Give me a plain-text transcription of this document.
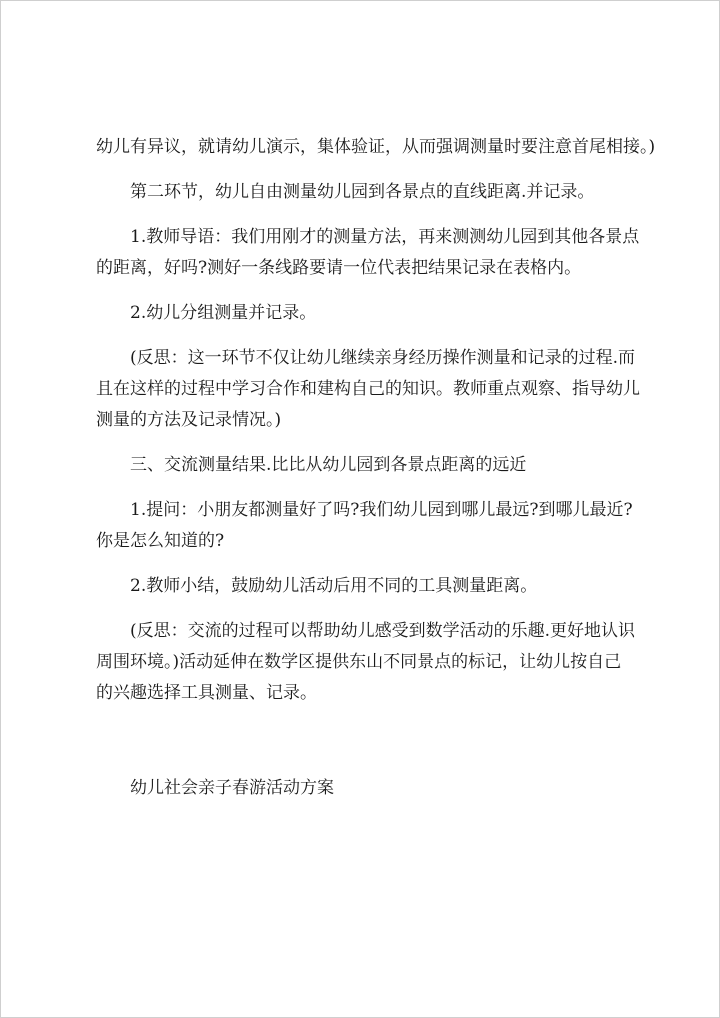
幼儿有异议，就请幼儿演示，集体验证，从而强调测量时要注意首尾相接。)

第二环节，幼儿自由测量幼儿园到各景点的直线距离.并记录。

1.教师导语：我们用刚才的测量方法，再来测测幼儿园到其他各景点
的距离，好吗?测好一条线路要请一位代表把结果记录在表格内。

2.幼儿分组测量并记录。

(反思：这一环节不仅让幼儿继续亲身经历操作测量和记录的过程.而
且在这样的过程中学习合作和建构自己的知识。教师重点观察、指导幼儿
测量的方法及记录情况。)

三、交流测量结果.比比从幼儿园到各景点距离的远近

1.提问：小朋友都测量好了吗?我们幼儿园到哪儿最远?到哪儿最近?
你是怎么知道的?

2.教师小结，鼓励幼儿活动后用不同的工具测量距离。

(反思：交流的过程可以帮助幼儿感受到数学活动的乐趣.更好地认识
周围环境。)活动延伸在数学区提供东山不同景点的标记，让幼儿按自己
的兴趣选择工具测量、记录。

幼儿社会亲子春游活动方案
